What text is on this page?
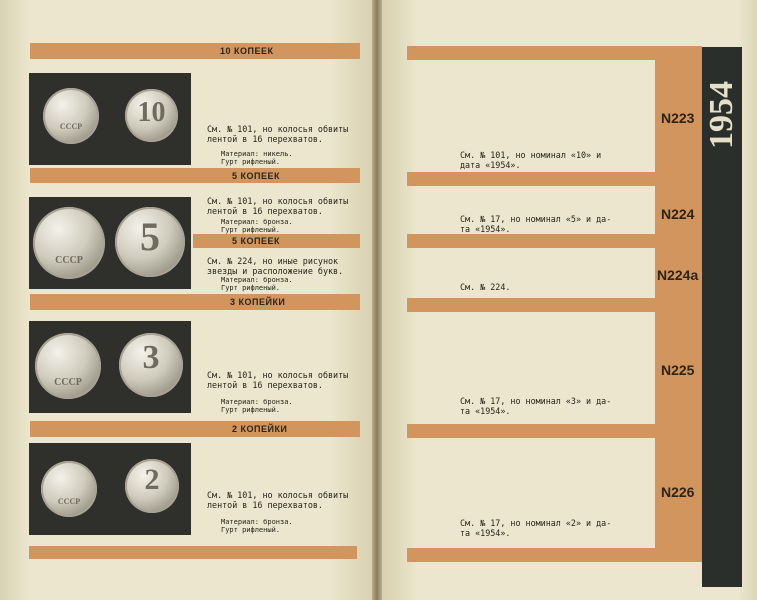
10 КОПЕЕК
СССР	10
См. № 101, но колосья обвиты
лентой в 16 перехватов.
Материал: никель.
Гурт рифленый.
5 КОПЕЕК
СССР
5
См. № 101, но колосья обвиты
лентой в 16 перехватов.
Материал: бронза.
Гурт рифленый.
5 КОПЕЕК
См. № 224, но иные рисунок
звезды и расположение букв.
Материал: бронза.
Гурт рифленый.
3 КОПЕЙКИ
СССР
3	См. № 101, но колосья обвиты
лентой в 16 перехватов.
Материал: бронза.
Гурт рифленый.
2 КОПЕЙКИ
СССР
2	См. № 101, но колосья обвиты
лентой в 16 перехватов.
Материал: бронза.
Гурт рифленый.
1954
N223
См. № 101, но номинал «10» и
дата «1954».
N224
См. № 17, но номинал «5» и да-
та «1954».
N224a
См. № 224.
N225
См. № 17, но номинал «3» и да-
та «1954».
N226
См. № 17, но номинал «2» и да-
та «1954».
